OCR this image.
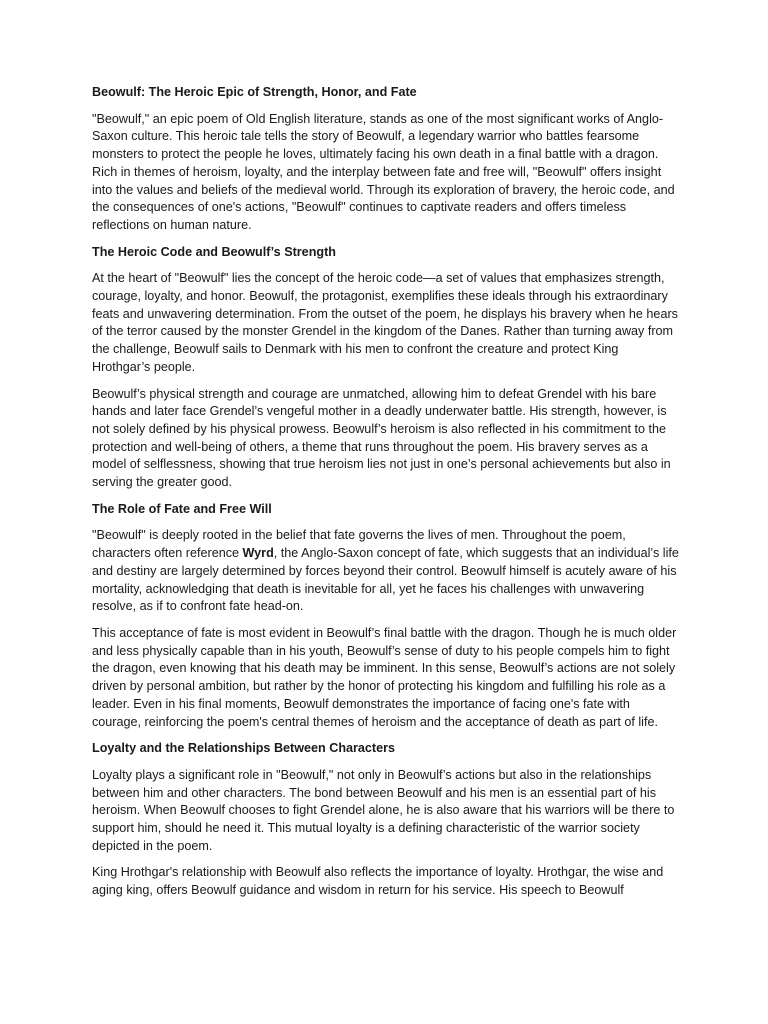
Beowulf: The Heroic Epic of Strength, Honor, and Fate

"Beowulf," an epic poem of Old English literature, stands as one of the most significant works of Anglo-Saxon culture. This heroic tale tells the story of Beowulf, a legendary warrior who battles fearsome monsters to protect the people he loves, ultimately facing his own death in a final battle with a dragon. Rich in themes of heroism, loyalty, and the interplay between fate and free will, "Beowulf" offers insight into the values and beliefs of the medieval world. Through its exploration of bravery, the heroic code, and the consequences of one's actions, "Beowulf" continues to captivate readers and offers timeless reflections on human nature.

The Heroic Code and Beowulf’s Strength

At the heart of "Beowulf" lies the concept of the heroic code—a set of values that emphasizes strength, courage, loyalty, and honor. Beowulf, the protagonist, exemplifies these ideals through his extraordinary feats and unwavering determination. From the outset of the poem, he displays his bravery when he hears of the terror caused by the monster Grendel in the kingdom of the Danes. Rather than turning away from the challenge, Beowulf sails to Denmark with his men to confront the creature and protect King Hrothgar’s people.

Beowulf’s physical strength and courage are unmatched, allowing him to defeat Grendel with his bare hands and later face Grendel’s vengeful mother in a deadly underwater battle. His strength, however, is not solely defined by his physical prowess. Beowulf’s heroism is also reflected in his commitment to the protection and well-being of others, a theme that runs throughout the poem. His bravery serves as a model of selflessness, showing that true heroism lies not just in one’s personal achievements but also in serving the greater good.

The Role of Fate and Free Will

"Beowulf" is deeply rooted in the belief that fate governs the lives of men. Throughout the poem, characters often reference Wyrd, the Anglo-Saxon concept of fate, which suggests that an individual’s life and destiny are largely determined by forces beyond their control. Beowulf himself is acutely aware of his mortality, acknowledging that death is inevitable for all, yet he faces his challenges with unwavering resolve, as if to confront fate head-on.

This acceptance of fate is most evident in Beowulf’s final battle with the dragon. Though he is much older and less physically capable than in his youth, Beowulf’s sense of duty to his people compels him to fight the dragon, even knowing that his death may be imminent. In this sense, Beowulf’s actions are not solely driven by personal ambition, but rather by the honor of protecting his kingdom and fulfilling his role as a leader. Even in his final moments, Beowulf demonstrates the importance of facing one's fate with courage, reinforcing the poem's central themes of heroism and the acceptance of death as part of life.

Loyalty and the Relationships Between Characters

Loyalty plays a significant role in "Beowulf," not only in Beowulf’s actions but also in the relationships between him and other characters. The bond between Beowulf and his men is an essential part of his heroism. When Beowulf chooses to fight Grendel alone, he is also aware that his warriors will be there to support him, should he need it. This mutual loyalty is a defining characteristic of the warrior society depicted in the poem.

King Hrothgar's relationship with Beowulf also reflects the importance of loyalty. Hrothgar, the wise and aging king, offers Beowulf guidance and wisdom in return for his service. His speech to Beowulf
